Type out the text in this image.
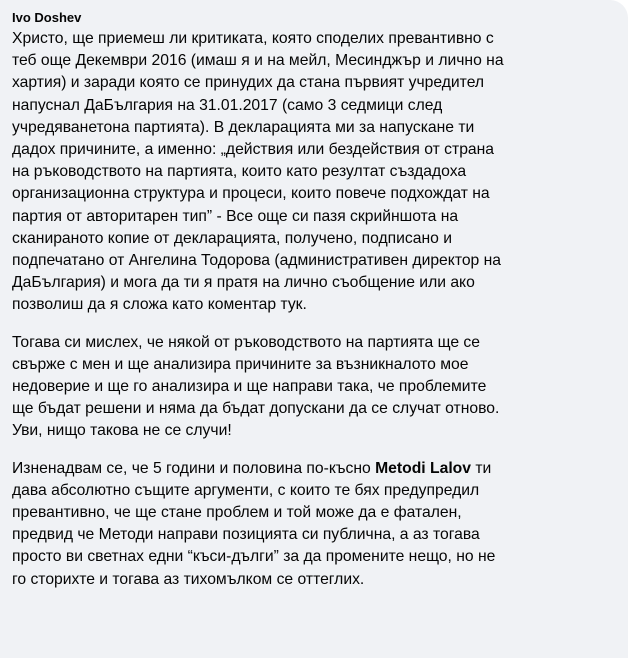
Ivo Doshev

Христо, ще приемеш ли критиката, която споделих превантивно с
теб още Декември 2016 (имаш я и на мейл, Месинджър и лично на
хартия) и заради която се принудих да стана първият учредител
напуснал ДаБългария на 31.01.2017 (само 3 седмици след
учредяванетона партията). В декларацията ми за напускане ти
дадох причините, а именно: „действия или бездействия от страна
на ръководството на партията, които като резултат създадоха
организационна структура и процеси, които повече подхождат на
партия от авторитарен тип” - Все още си пазя скрийншота на
сканираното копие от декларацията, получено, подписано и
подпечатано от Ангелина Тодорова (административен директор на
ДаБългария) и мога да ти я пратя на лично съобщение или ако
позволиш да я сложа като коментар тук.

Тогава си мислех, че някой от ръководството на партията ще се
свърже с мен и ще анализира причините за възникналото мое
недоверие и ще го анализира и ще направи така, че проблемите
ще бъдат решени и няма да бъдат допускани да се случат отново.
Уви, нищо такова не се случи!

Изненадвам се, че 5 години и половина по-късно Metodi Lalov ти
дава абсолютно същите аргументи, с които те бях предупредил
превантивно, че ще стане проблем и той може да е фатален,
предвид че Методи направи позицията си публична, а аз тогава
просто ви светнах едни “къси-дълги” за да промените нещо, но не
го сторихте и тогава аз тихомълком се оттеглих.
